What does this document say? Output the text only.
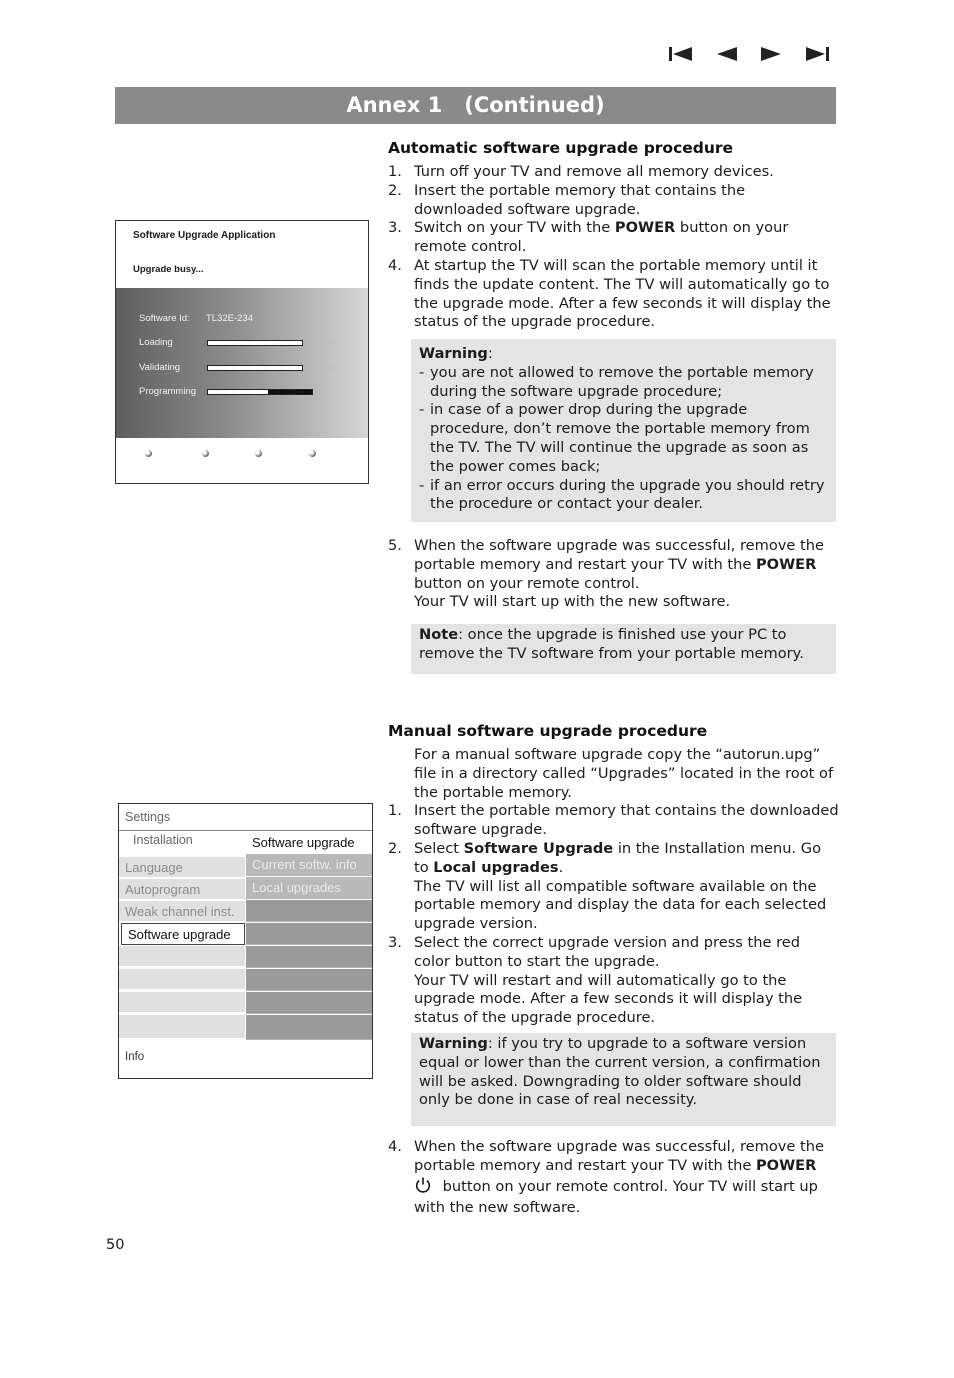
Annex 1 (Continued)
Automatic software upgrade procedure
1. Turn off your TV and remove all memory devices.
2. Insert the portable memory that contains the downloaded software upgrade.
3. Switch on your TV with the POWER button on your remote control.
4. At startup the TV will scan the portable memory until it finds the update content. The TV will automatically go to the upgrade mode. After a few seconds it will display the status of the upgrade procedure.
Warning:
- you are not allowed to remove the portable memory during the software upgrade procedure;
- in case of a power drop during the upgrade procedure, don’t remove the portable memory from the TV. The TV will continue the upgrade as soon as the power comes back;
- if an error occurs during the upgrade you should retry the procedure or contact your dealer.
5. When the software upgrade was successful, remove the portable memory and restart your TV with the POWER button on your remote control.
Your TV will start up with the new software.
Note: once the upgrade is finished use your PC to remove the TV software from your portable memory.
Software Upgrade Application
Upgrade busy...
Software Id: TL32E-234
Loading	Done
Validating	Done
Programming
Manual software upgrade procedure
For a manual software upgrade copy the “autorun.upg” file in a directory called “Upgrades” located in the root of the portable memory.
1. Insert the portable memory that contains the downloaded software upgrade.
2. Select Software Upgrade in the Installation menu. Go to Local upgrades.
The TV will list all compatible software available on the portable memory and display the data for each selected upgrade version.
3. Select the correct upgrade version and press the red color button to start the upgrade.
Your TV will restart and will automatically go to the upgrade mode. After a few seconds it will display the status of the upgrade procedure.
Warning: if you try to upgrade to a software version equal or lower than the current version, a confirmation will be asked. Downgrading to older software should only be done in case of real necessity.
4. When the software upgrade was successful, remove the portable memory and restart your TV with the POWER
button on your remote control. Your TV will start up with the new software.
Settings
Installation	Software upgrade
Language
Autoprogram
Weak channel inst.
Software upgrade
Current softw. info
Local upgrades
Info
50
